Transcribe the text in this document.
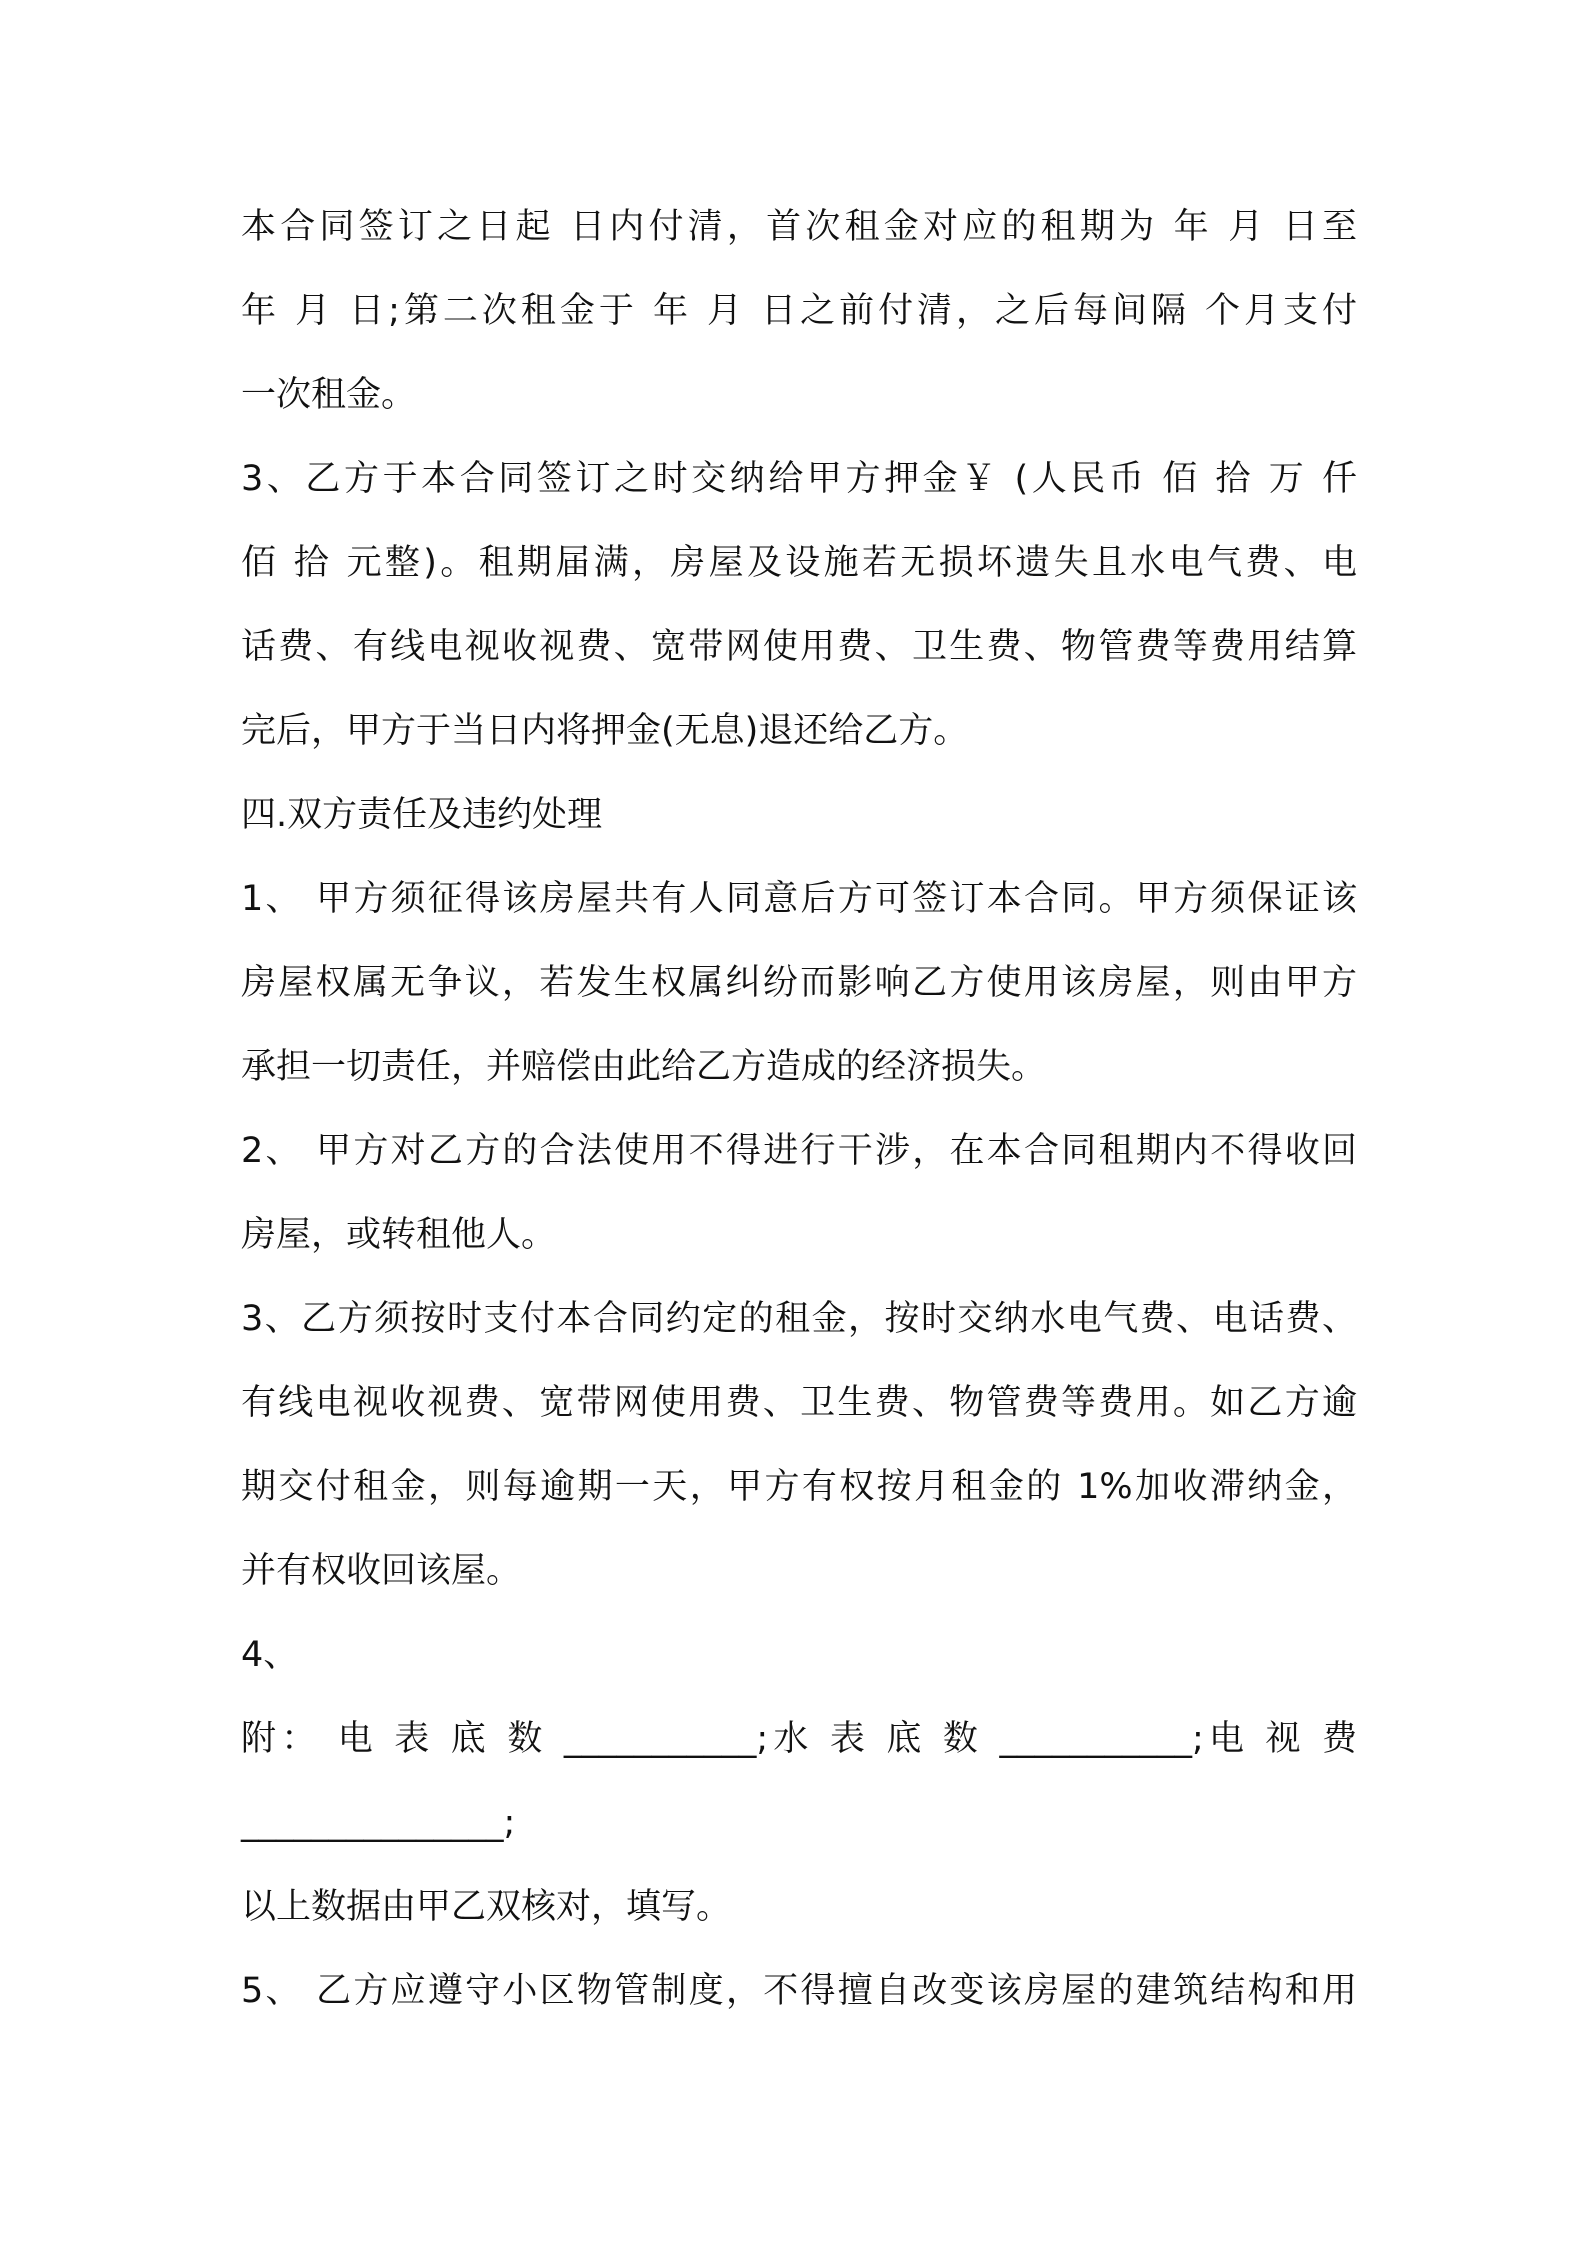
本合同签订之日起 日内付清，首次租金对应的租期为 年 月 日至
年 月 日;第二次租金于 年 月 日之前付清，之后每间隔 个月支付
一次租金。
3、乙方于本合同签订之时交纳给甲方押金￥ (人民币 佰 拾 万 仟
佰 拾 元整)。租期届满，房屋及设施若无损坏遗失且水电气费、电
话费、有线电视收视费、宽带网使用费、卫生费、物管费等费用结算
完后，甲方于当日内将押金(无息)退还给乙方。
四.双方责任及违约处理
1、 甲方须征得该房屋共有人同意后方可签订本合同。甲方须保证该
房屋权属无争议，若发生权属纠纷而影响乙方使用该房屋，则由甲方
承担一切责任，并赔偿由此给乙方造成的经济损失。
2、 甲方对乙方的合法使用不得进行干涉，在本合同租期内不得收回
房屋，或转租他人。
3、乙方须按时支付本合同约定的租金，按时交纳水电气费、电话费、
有线电视收视费、宽带网使用费、卫生费、物管费等费用。如乙方逾
期交付租金，则每逾期一天，甲方有权按月租金的 1%加收滞纳金，
并有权收回该屋。
4、
附： 电 表 底 数 ___________;水 表 底 数 ___________;电 视 费
_______________;
以上数据由甲乙双核对，填写。
5、 乙方应遵守小区物管制度，不得擅自改变该房屋的建筑结构和用
